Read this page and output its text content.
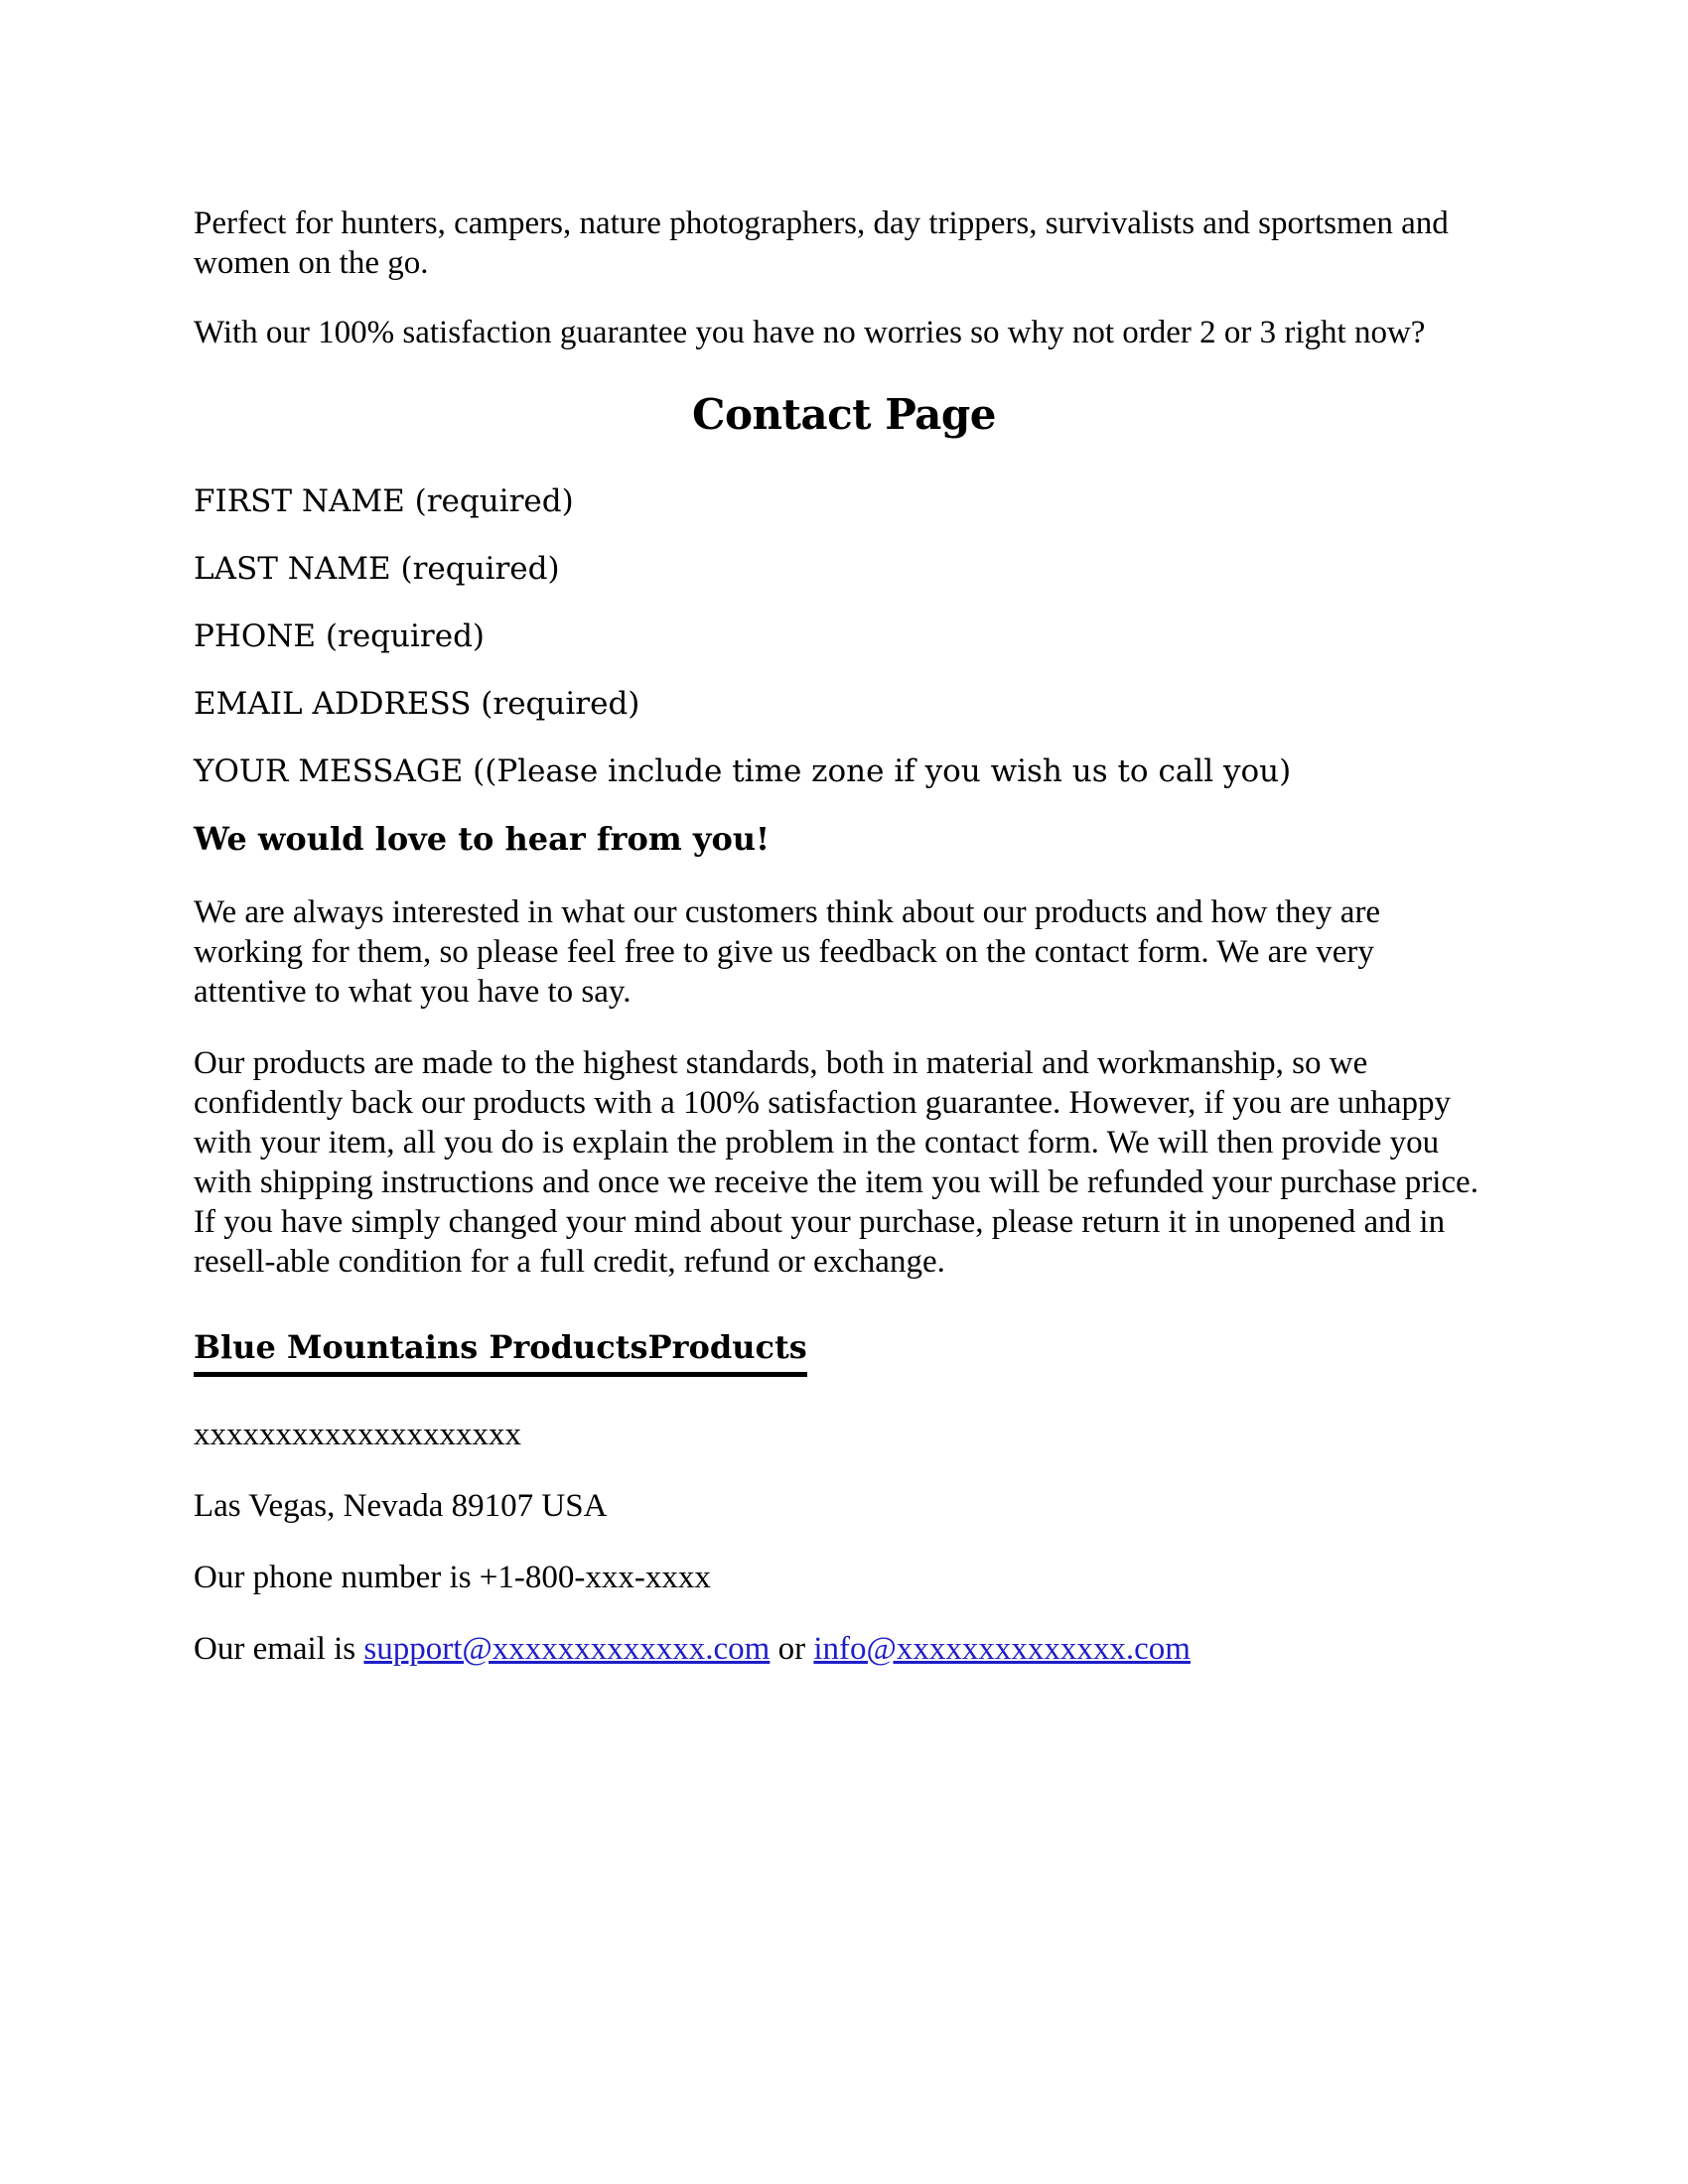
Perfect for hunters, campers, nature photographers, day trippers, survivalists and sportsmen and women on the go.

With our 100% satisfaction guarantee you have no worries so why not order 2 or 3 right now?

Contact Page

FIRST NAME (required)

LAST NAME (required)

PHONE (required)

EMAIL ADDRESS (required)

YOUR MESSAGE ((Please include time zone if you wish us to call you)

We would love to hear from you!

We are always interested in what our customers think about our products and how they are working for them, so please feel free to give us feedback on the contact form. We are very attentive to what you have to say.

Our products are made to the highest standards, both in material and workmanship, so we confidently back our products with a 100% satisfaction guarantee. However, if you are unhappy with your item, all you do is explain the problem in the contact form. We will then provide you with shipping instructions and once we receive the item you will be refunded your purchase price. If you have simply changed your mind about your purchase, please return it in unopened and in resell-able condition for a full credit, refund or exchange.

Blue Mountains ProductsProducts

xxxxxxxxxxxxxxxxxxxx

Las Vegas, Nevada 89107 USA

Our phone number is +1-800-xxx-xxxx

Our email is support@xxxxxxxxxxxxx.com or info@xxxxxxxxxxxxxx.com
